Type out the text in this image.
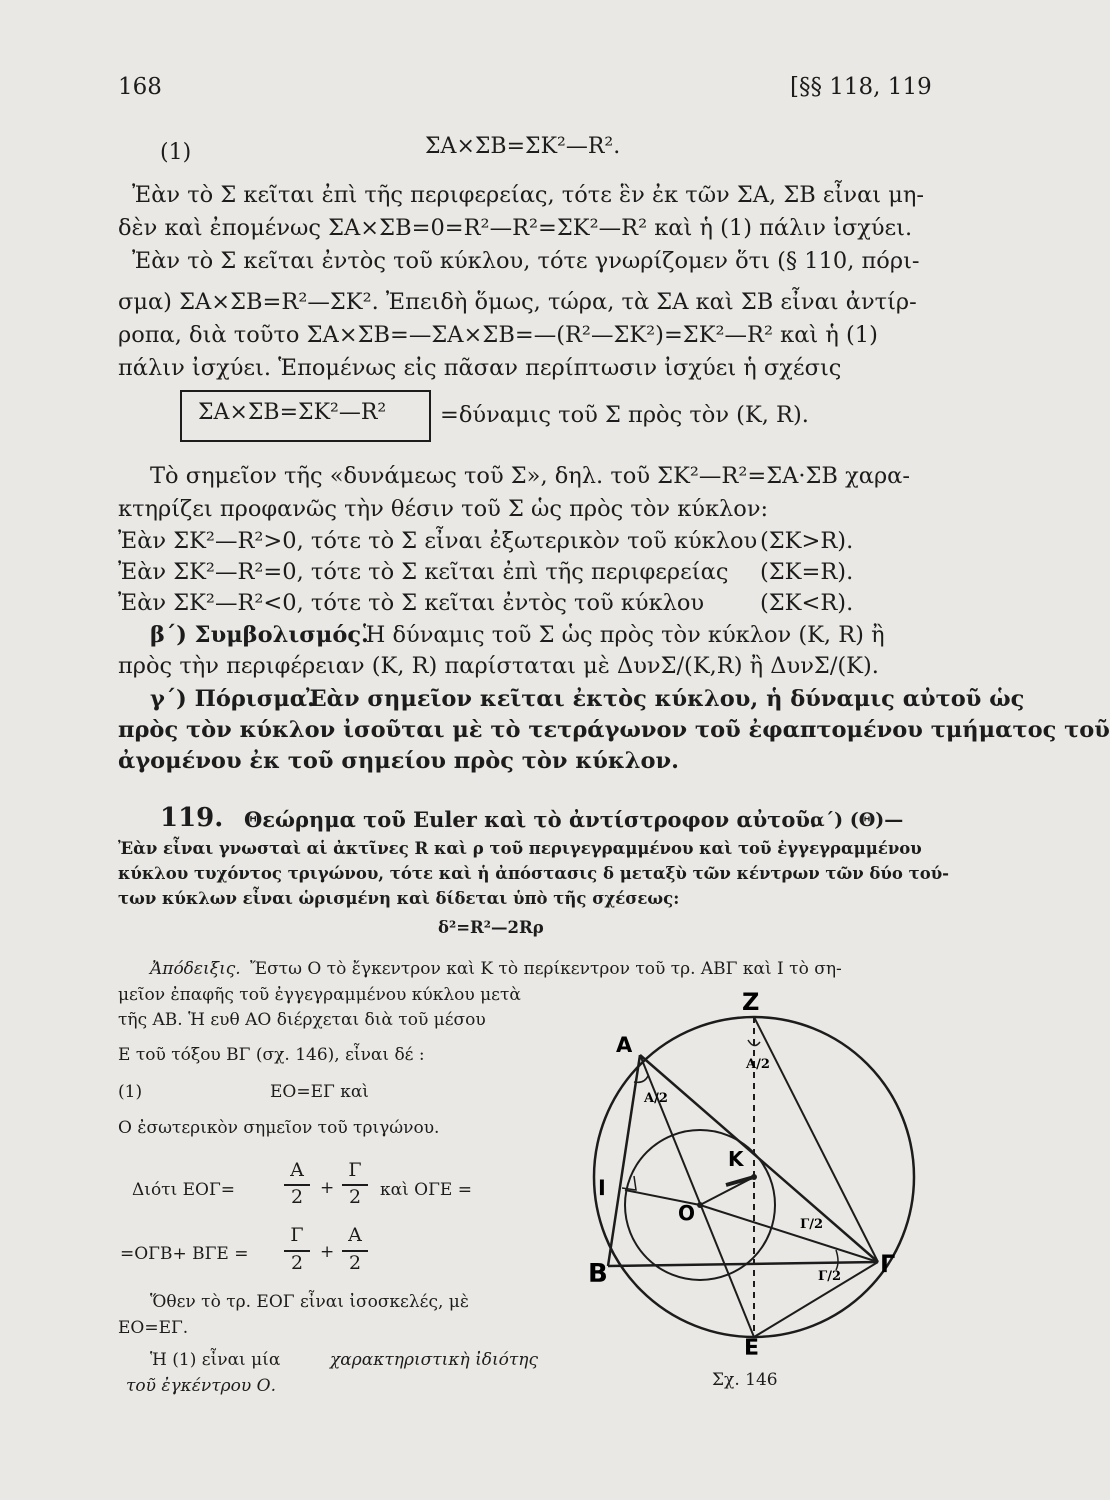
168	[§§ 118, 119
(1)	ΣΑ×ΣΒ=ΣΚ²—R².
Ἐὰν τὸ Σ κεῖται ἐπὶ τῆς περιφερείας, τότε ἓν ἐκ τῶν ΣΑ, ΣΒ εἶναι μη-
δὲν καὶ ἐπομένως ΣΑ×ΣΒ=0=R²—R²=ΣΚ²—R² καὶ ἡ (1) πάλιν ἰσχύει.
Ἐὰν τὸ Σ κεῖται ἐντὸς τοῦ κύκλου, τότε γνωρίζομεν ὅτι (§ 110, πόρι-
σμα) ΣΑ×ΣΒ=R²—ΣΚ². Ἐπειδὴ ὅμως, τώρα, τὰ ΣΑ καὶ ΣΒ εἶναι ἀντίρ-
ροπα, διὰ τοῦτο ΣΑ×ΣΒ=—ΣΑ×ΣΒ=—(R²—ΣΚ²)=ΣΚ²—R² καὶ ἡ (1)
πάλιν ἰσχύει. Ἑπομένως εἰς πᾶσαν περίπτωσιν ἰσχύει ἡ σχέσις
ΣΑ×ΣΒ=ΣΚ²—R² =δύναμις τοῦ Σ πρὸς τὸν (Κ, R).
Τὸ σημεῖον τῆς «δυνάμεως τοῦ Σ», δηλ. τοῦ ΣΚ²—R²=ΣΑ·ΣΒ χαρα-
κτηρίζει προφανῶς τὴν θέσιν τοῦ Σ ὡς πρὸς τὸν κύκλον:
Ἐὰν ΣΚ²—R²>0, τότε τὸ Σ εἶναι ἐξωτερικὸν τοῦ κύκλου (ΣΚ>R).
Ἐὰν ΣΚ²—R²=0, τότε τὸ Σ κεῖται ἐπὶ τῆς περιφερείας (ΣΚ=R).
Ἐὰν ΣΚ²—R²<0, τότε τὸ Σ κεῖται ἐντὸς τοῦ κύκλου (ΣΚ<R).
β΄) Συμβολισμός.
Ἡ δύναμις τοῦ Σ ὡς πρὸς τὸν κύκλον (Κ, R) ἢ
πρὸς τὴν περιφέρειαν (Κ, R) παρίσταται μὲ ΔυνΣ/(Κ,R) ἢ ΔυνΣ/(Κ).
γ΄) Πόρισμα.
Ἐὰν σημεῖον κεῖται ἐκτὸς κύκλου, ἡ δύναμις αὐτοῦ ὡς
πρὸς τὸν κύκλον ἰσοῦται μὲ τὸ τετράγωνον τοῦ ἐφαπτομένου τμήματος τοῦ
ἀγομένου ἐκ τοῦ σημείου πρὸς τὸν κύκλον.
119. Θεώρημα τοῦ Euler καὶ τὸ ἀντίστροφον αὐτοῦ.
α΄) (Θ)—
Ἐὰν εἶναι γνωσταὶ αἱ ἀκτῖνες R καὶ ρ τοῦ περιγεγραμμένου καὶ τοῦ ἐγγεγραμμένου
κύκλου τυχόντος τριγώνου, τότε καὶ ἡ ἀπόστασις δ μεταξὺ τῶν κέντρων τῶν δύο τού-
των κύκλων εἶναι ὡρισμένη καὶ δίδεται ὑπὸ τῆς σχέσεως:
δ²=R²—2Rρ
Ἀπόδειξις. Ἔστω Ο τὸ ἔγκεντρον καὶ Κ τὸ περίκεντρον τοῦ τρ. ΑΒΓ καὶ Ι τὸ ση-
μεῖον ἐπαφῆς τοῦ ἐγγεγραμμένου κύκλου μετὰ
τῆς ΑΒ. Ἡ ευθ ΑΟ διέρχεται διὰ τοῦ μέσου
Ε τοῦ τόξου ΒΓ (σχ. 146), εἶναι δέ :
(1)	ΕΟ=ΕΓ καὶ
Ο ἐσωτερικὸν σημεῖον τοῦ τριγώνου.
Διότι ΕΟΓ=
Α
2 +
Γ
2 καὶ ΟΓΕ =
=ΟΓΒ+ ΒΓΕ =
Γ
2 +
Α
2
Ὅθεν τὸ τρ. ΕΟΓ εἶναι ἰσοσκελές, μὲ
ΕΟ=ΕΓ.
Ἡ (1) εἶναι μία	χαρακτηριστικὴ ἰδιότης
τοῦ ἐγκέντρου Ο.
Α
Ζ
Ι
Κ
Ο
Β	Γ
Ε
Α/2
Α/2
Γ/2
Γ/2
Σχ. 146
